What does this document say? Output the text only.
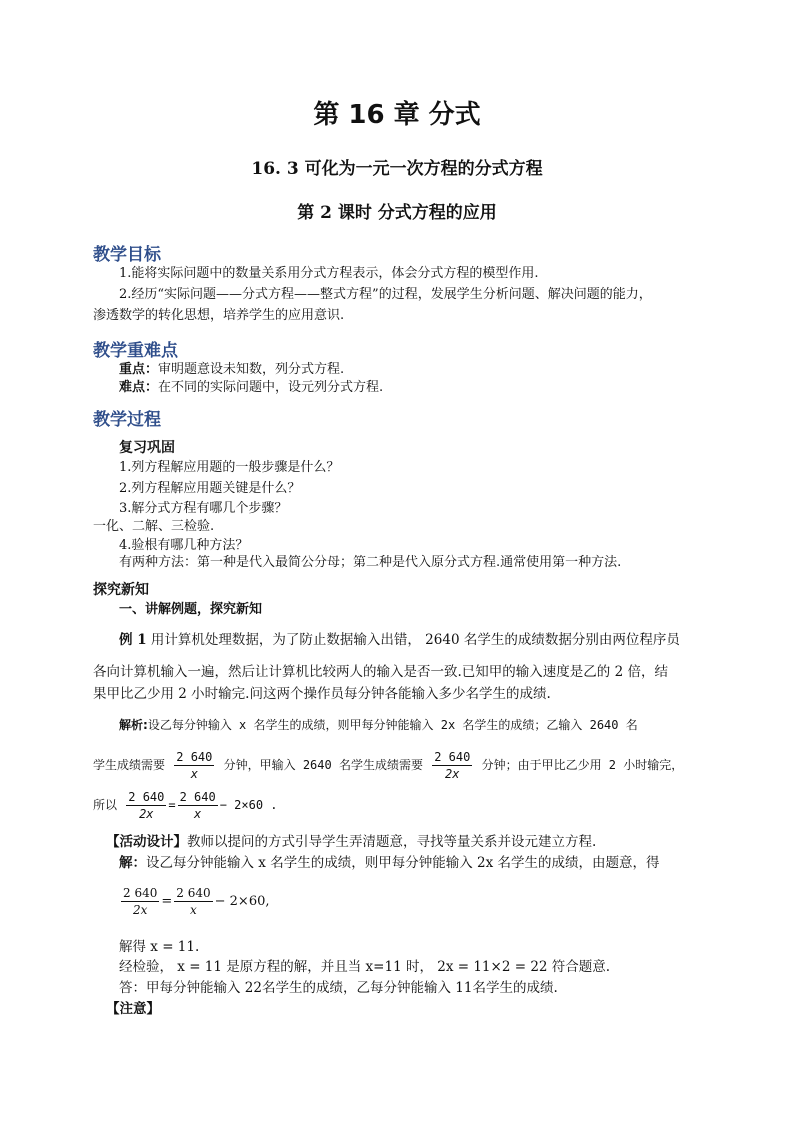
第 16 章 分式
16. 3 可化为一元一次方程的分式方程
第 2 课时 分式方程的应用
教学目标
1.能将实际问题中的数量关系用分式方程表示，体会分式方程的模型作用.
2.经历“实际问题——分式方程——整式方程”的过程，发展学生分析问题、解决问题的能力，
渗透数学的转化思想，培养学生的应用意识.
教学重难点
重点：审明题意设未知数，列分式方程.
难点：在不同的实际问题中，设元列分式方程.
教学过程
复习巩固
1.列方程解应用题的一般步骤是什么？
2.列方程解应用题关键是什么？
3.解分式方程有哪几个步骤？
一化、二解、三检验.
4.验根有哪几种方法？
有两种方法：第一种是代入最简公分母；第二种是代入原分式方程.通常使用第一种方法.
探究新知
一、讲解例题，探究新知
例 1 用计算机处理数据，为了防止数据输入出错， 2640 名学生的成绩数据分别由两位程序员
各向计算机输入一遍，然后让计算机比较两人的输入是否一致.已知甲的输入速度是乙的 2 倍，结
果甲比乙少用 2 小时输完.问这两个操作员每分钟各能输入多少名学生的成绩.
解析:设乙每分钟输入 x 名学生的成绩，则甲每分钟能输入 2x 名学生的成绩；乙输入 2640 名
学生成绩需要 $\frac{2 640}{x}$ 分钟，甲输入 2640 名学生成绩需要 $\frac{2 640}{2x}$ 分钟；由于甲比乙少用 2 小时输完，
所以 $\frac{2 640}{2x} = \frac{2 640}{x} - 2\times 60$ .
【活动设计】教师以提问的方式引导学生弄清题意，寻找等量关系并设元建立方程.
解：设乙每分钟能输入 x 名学生的成绩，则甲每分钟能输入 2x 名学生的成绩，由题意，得
$\frac{2 640}{2x} = \frac{2 640}{x} - 2\times 60$,
解得 x = 11.
经检验， x = 11 是原方程的解，并且当 x=11 时， 2x = 11×2 = 22 符合题意.
答：甲每分钟能输入 22名学生的成绩，乙每分钟能输入 11名学生的成绩.
【注意】
